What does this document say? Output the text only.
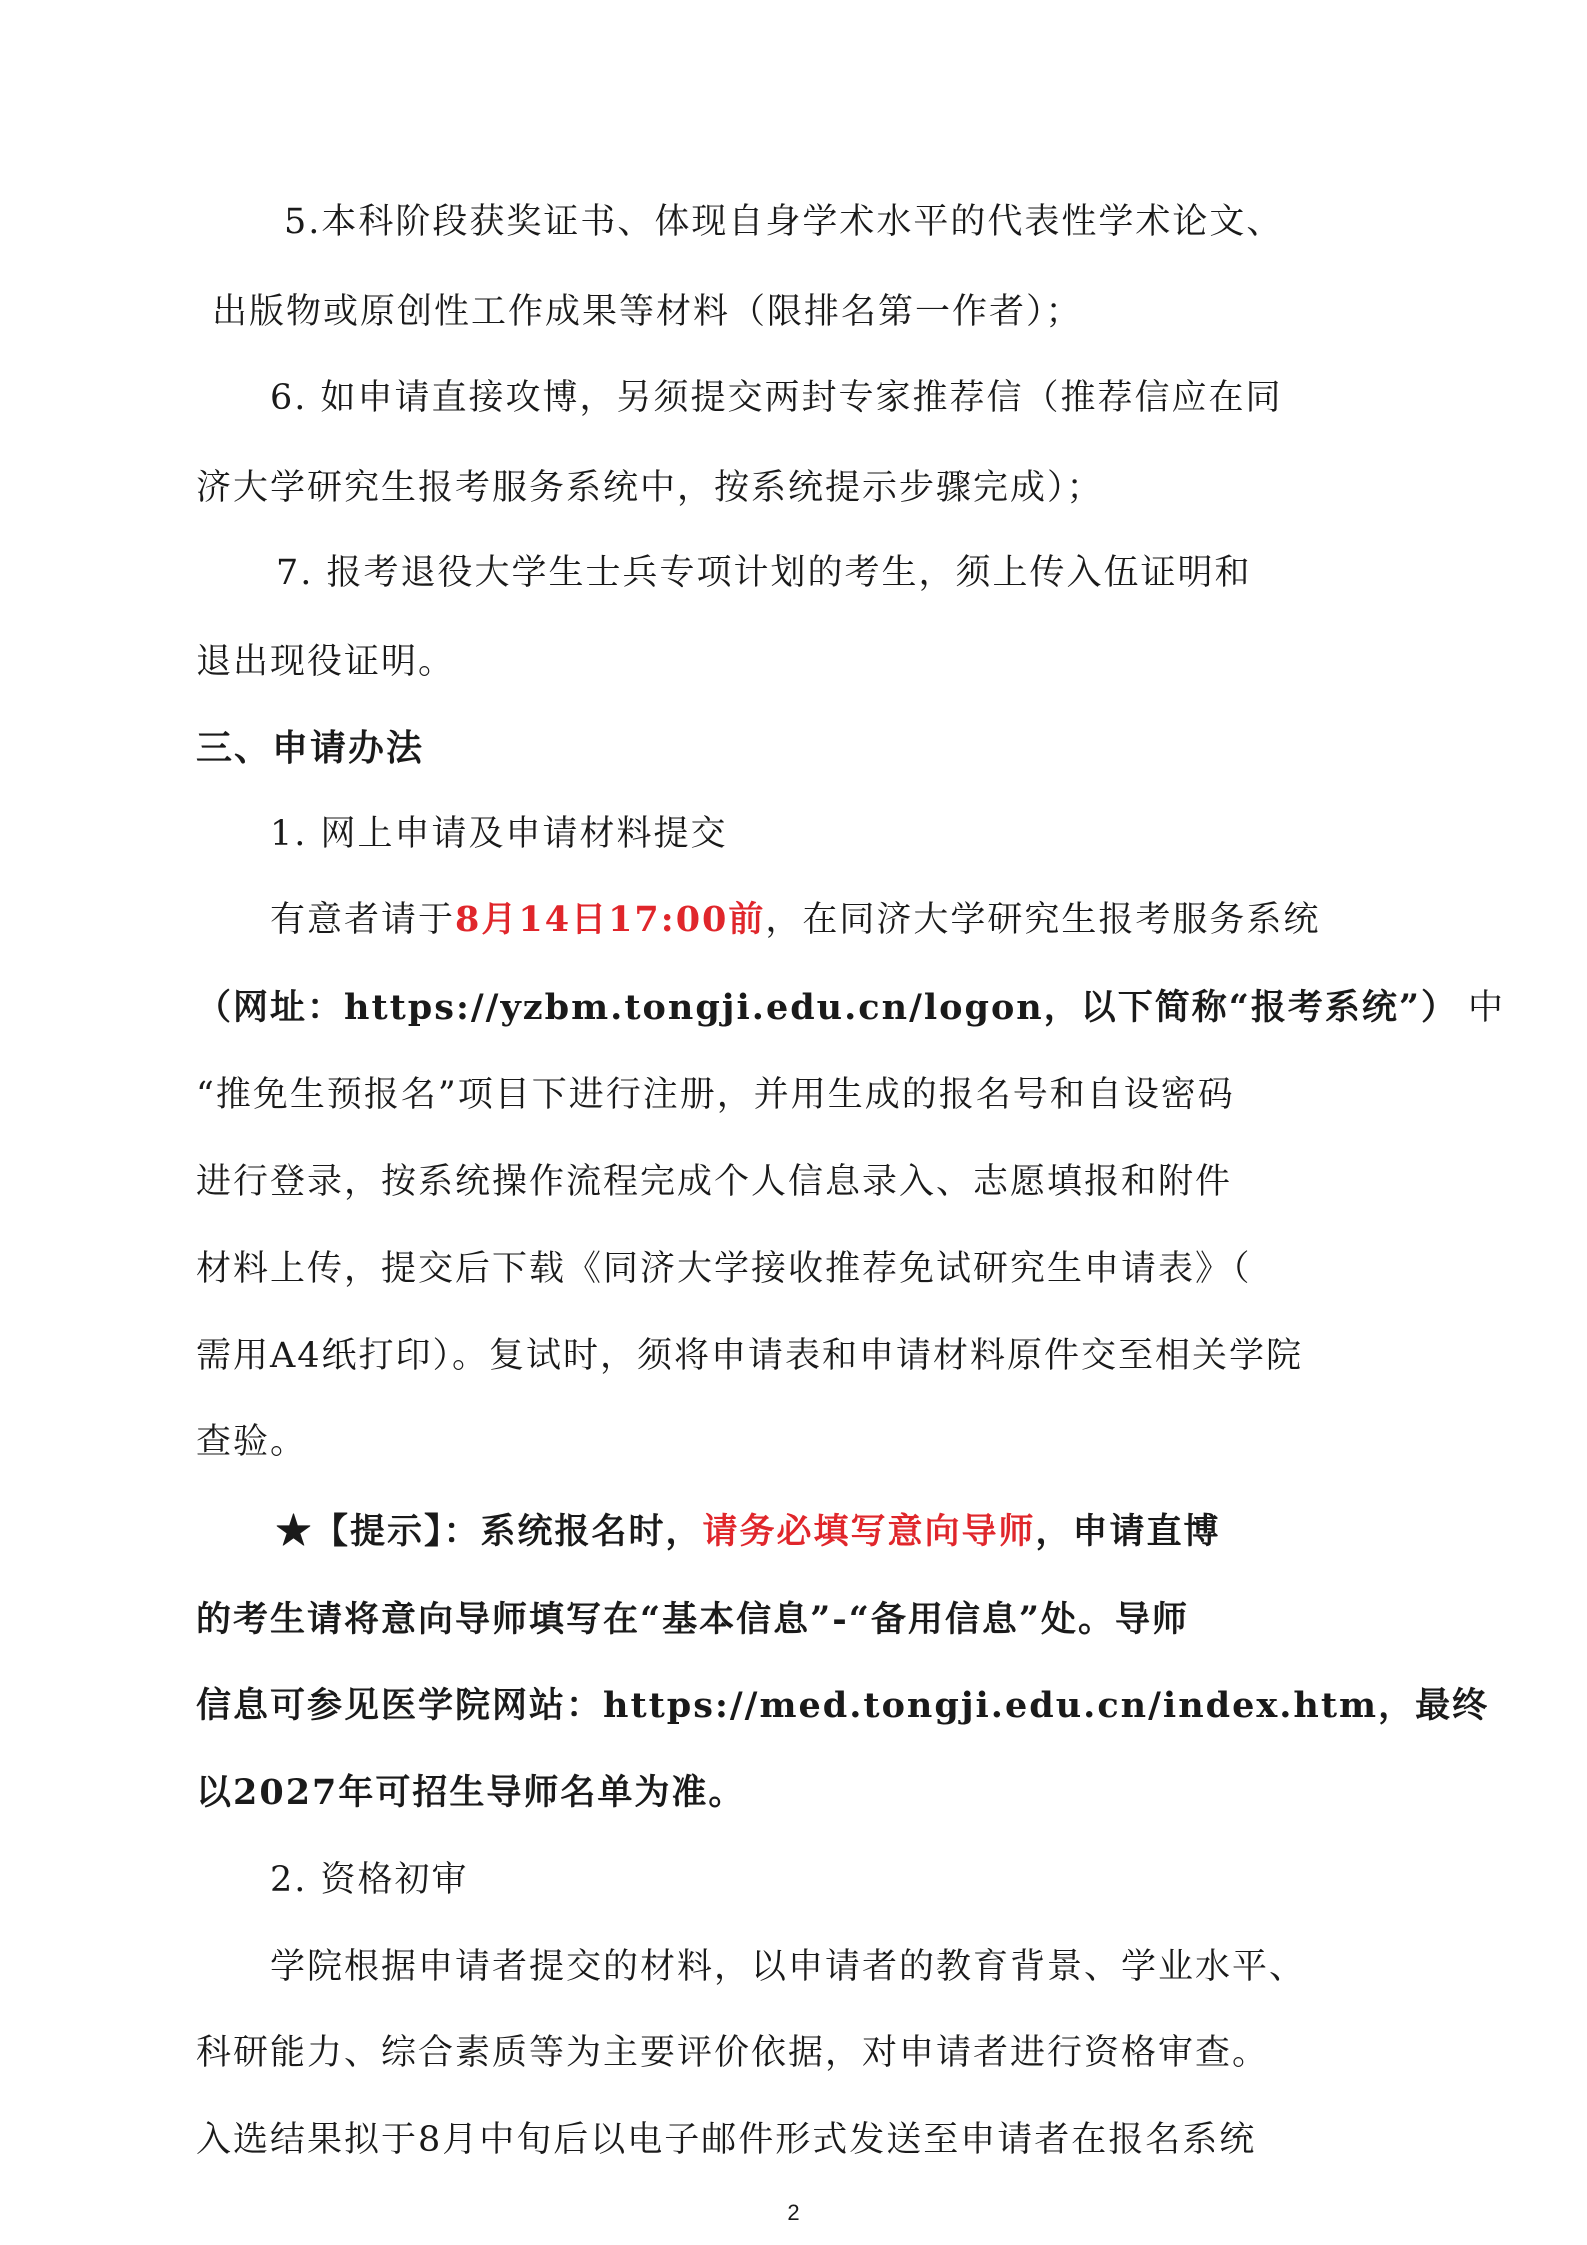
5.本科阶段获奖证书、体现自身学术水平的代表性学术论文、
出版物或原创性工作成果等材料（限排名第一作者）；
6. 如申请直接攻博，另须提交两封专家推荐信（推荐信应在同
济大学研究生报考服务系统中，按系统提示步骤完成）；
7. 报考退役大学生士兵专项计划的考生，须上传入伍证明和
退出现役证明。
三、申请办法
1. 网上申请及申请材料提交
有意者请于8月14日17:00前，在同济大学研究生报考服务系统
（网址：https://yzbm.tongji.edu.cn/logon，以下简称“报考系统”） 中
“推免生预报名”项目下进行注册，并用生成的报名号和自设密码
进行登录，按系统操作流程完成个人信息录入、志愿填报和附件
材料上传，提交后下载《同济大学接收推荐免试研究生申请表》（
需用A4纸打印）。复试时，须将申请表和申请材料原件交至相关学院
查验。
★【提示】：系统报名时，请务必填写意向导师，申请直博
的考生请将意向导师填写在“基本信息”-“备用信息”处。导师
信息可参见医学院网站：https://med.tongji.edu.cn/index.htm，最终
以2027年可招生导师名单为准。
2. 资格初审
学院根据申请者提交的材料，以申请者的教育背景、学业水平、
科研能力、综合素质等为主要评价依据，对申请者进行资格审查。
入选结果拟于8月中旬后以电子邮件形式发送至申请者在报名系统
2
